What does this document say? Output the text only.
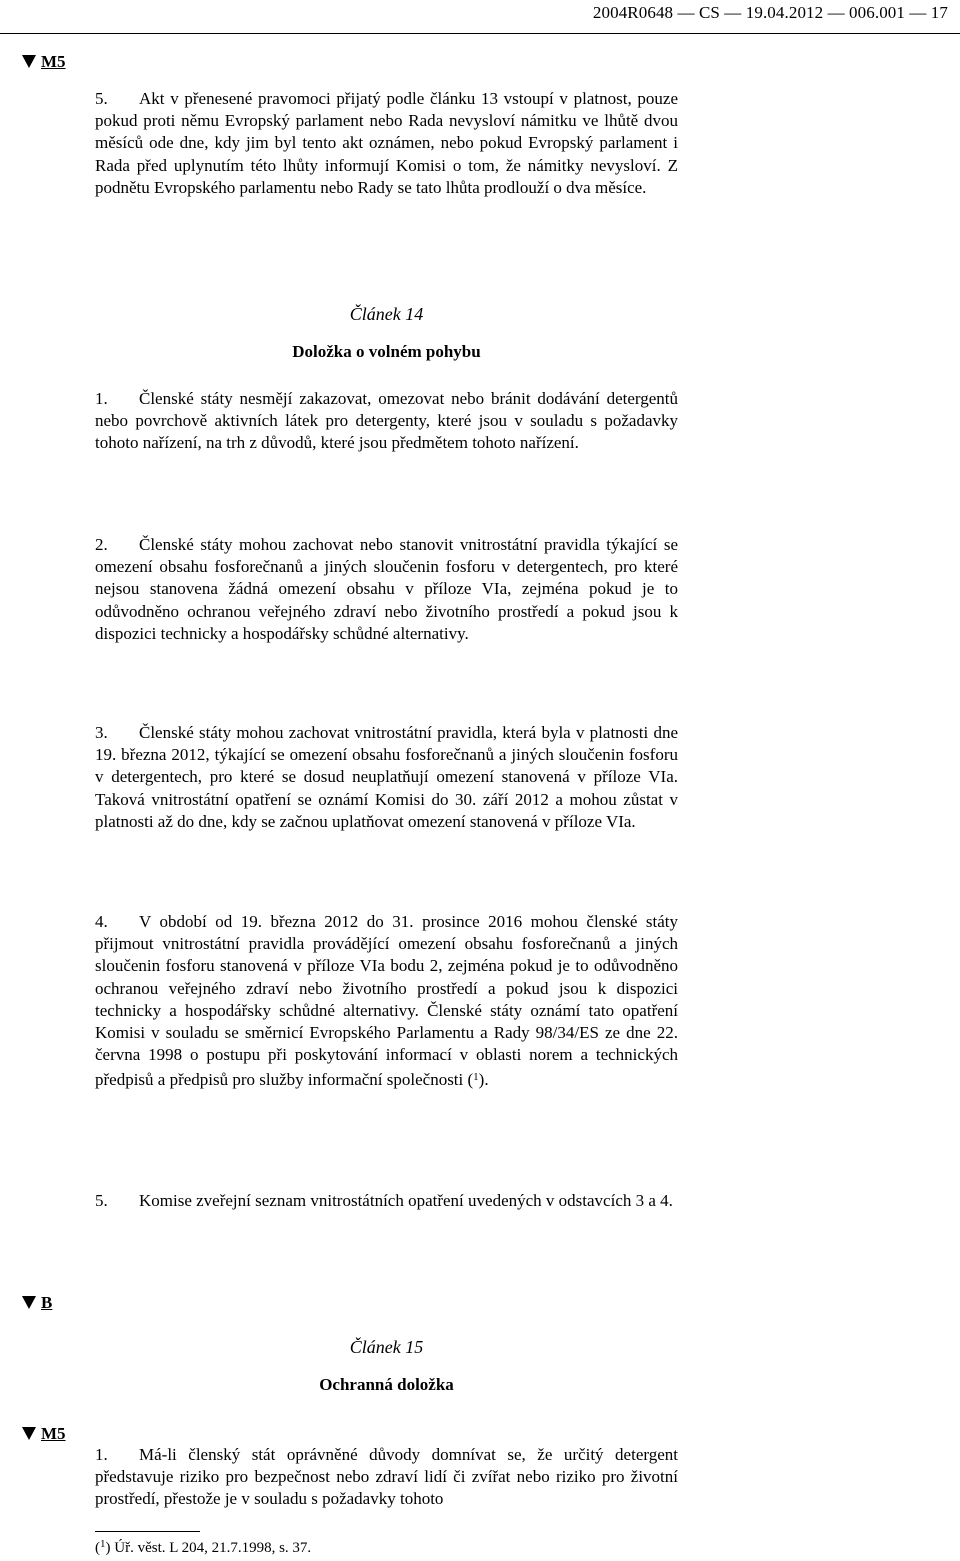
2004R0648 — CS — 19.04.2012 — 006.001 — 17
M5
5. Akt v přenesené pravomoci přijatý podle článku 13 vstoupí v platnost, pouze pokud proti němu Evropský parlament nebo Rada nevysloví námitku ve lhůtě dvou měsíců ode dne, kdy jim byl tento akt oznámen, nebo pokud Evropský parlament i Rada před uplynutím této lhůty informují Komisi o tom, že námitky nevysloví. Z podnětu Evropského parlamentu nebo Rady se tato lhůta prodlouží o dva měsíce.
Článek 14
Doložka o volném pohybu
1. Členské státy nesmějí zakazovat, omezovat nebo bránit dodávání detergentů nebo povrchově aktivních látek pro detergenty, které jsou v souladu s požadavky tohoto nařízení, na trh z důvodů, které jsou předmětem tohoto nařízení.
2. Členské státy mohou zachovat nebo stanovit vnitrostátní pravidla týkající se omezení obsahu fosforečnanů a jiných sloučenin fosforu v detergentech, pro které nejsou stanovena žádná omezení obsahu v příloze VIa, zejména pokud je to odůvodněno ochranou veřejného zdraví nebo životního prostředí a pokud jsou k dispozici technicky a hospodářsky schůdné alternativy.
3. Členské státy mohou zachovat vnitrostátní pravidla, která byla v platnosti dne 19. března 2012, týkající se omezení obsahu fosforečnanů a jiných sloučenin fosforu v detergentech, pro které se dosud neuplatňují omezení stanovená v příloze VIa. Taková vnitrostátní opatření se oznámí Komisi do 30. září 2012 a mohou zůstat v platnosti až do dne, kdy se začnou uplatňovat omezení stanovená v příloze VIa.
4. V období od 19. března 2012 do 31. prosince 2016 mohou členské státy přijmout vnitrostátní pravidla provádějící omezení obsahu fosforečnanů a jiných sloučenin fosforu stanovená v příloze VIa bodu 2, zejména pokud je to odůvodněno ochranou veřejného zdraví nebo životního prostředí a pokud jsou k dispozici technicky a hospodářsky schůdné alternativy. Členské státy oznámí tato opatření Komisi v souladu se směrnicí Evropského Parlamentu a Rady 98/34/ES ze dne 22. června 1998 o postupu při poskytování informací v oblasti norem a technických předpisů a předpisů pro služby informační společnosti ($^1$).
5. Komise zveřejní seznam vnitrostátních opatření uvedených v odstavcích 3 a 4.
B
Článek 15
Ochranná doložka
M5
1. Má-li členský stát oprávněné důvody domnívat se, že určitý detergent představuje riziko pro bezpečnost nebo zdraví lidí či zvířat nebo riziko pro životní prostředí, přestože je v souladu s požadavky tohoto
($^1$) Úř. věst. L 204, 21.7.1998, s. 37.
